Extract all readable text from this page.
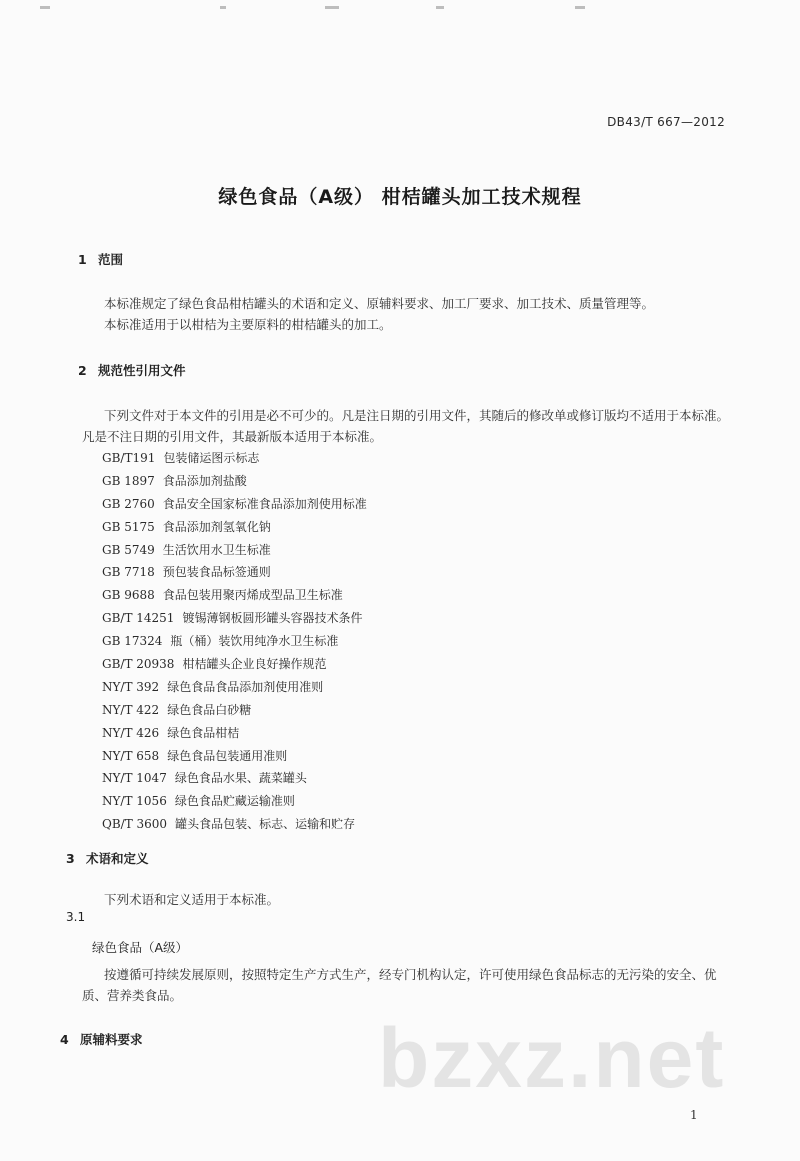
DB43/T 667—2012
绿色食品（A级） 柑桔罐头加工技术规程
1 范围
本标准规定了绿色食品柑桔罐头的术语和定义、原辅料要求、加工厂要求、加工技术、质量管理等。
本标准适用于以柑桔为主要原料的柑桔罐头的加工。
2 规范性引用文件
下列文件对于本文件的引用是必不可少的。凡是注日期的引用文件，其随后的修改单或修订版均不适用于本标准。凡是不注日期的引用文件，其最新版本适用于本标准。
GB/T191 包装储运图示标志
GB 1897 食品添加剂盐酸
GB 2760 食品安全国家标准食品添加剂使用标准
GB 5175 食品添加剂氢氧化钠
GB 5749 生活饮用水卫生标准
GB 7718 预包装食品标签通则
GB 9688 食品包装用聚丙烯成型品卫生标准
GB/T 14251 镀锡薄钢板圆形罐头容器技术条件
GB 17324 瓶（桶）装饮用纯净水卫生标准
GB/T 20938 柑桔罐头企业良好操作规范
NY/T 392 绿色食品食品添加剂使用准则
NY/T 422 绿色食品白砂糖
NY/T 426 绿色食品柑桔
NY/T 658 绿色食品包装通用准则
NY/T 1047 绿色食品水果、蔬菜罐头
NY/T 1056 绿色食品贮藏运输准则
QB/T 3600 罐头食品包装、标志、运输和贮存
3 术语和定义
下列术语和定义适用于本标准。
3.1
绿色食品（A级）
按遵循可持续发展原则，按照特定生产方式生产，经专门机构认定，许可使用绿色食品标志的无污染的安全、优质、营养类食品。
4 原辅料要求	bzxz.net
1
